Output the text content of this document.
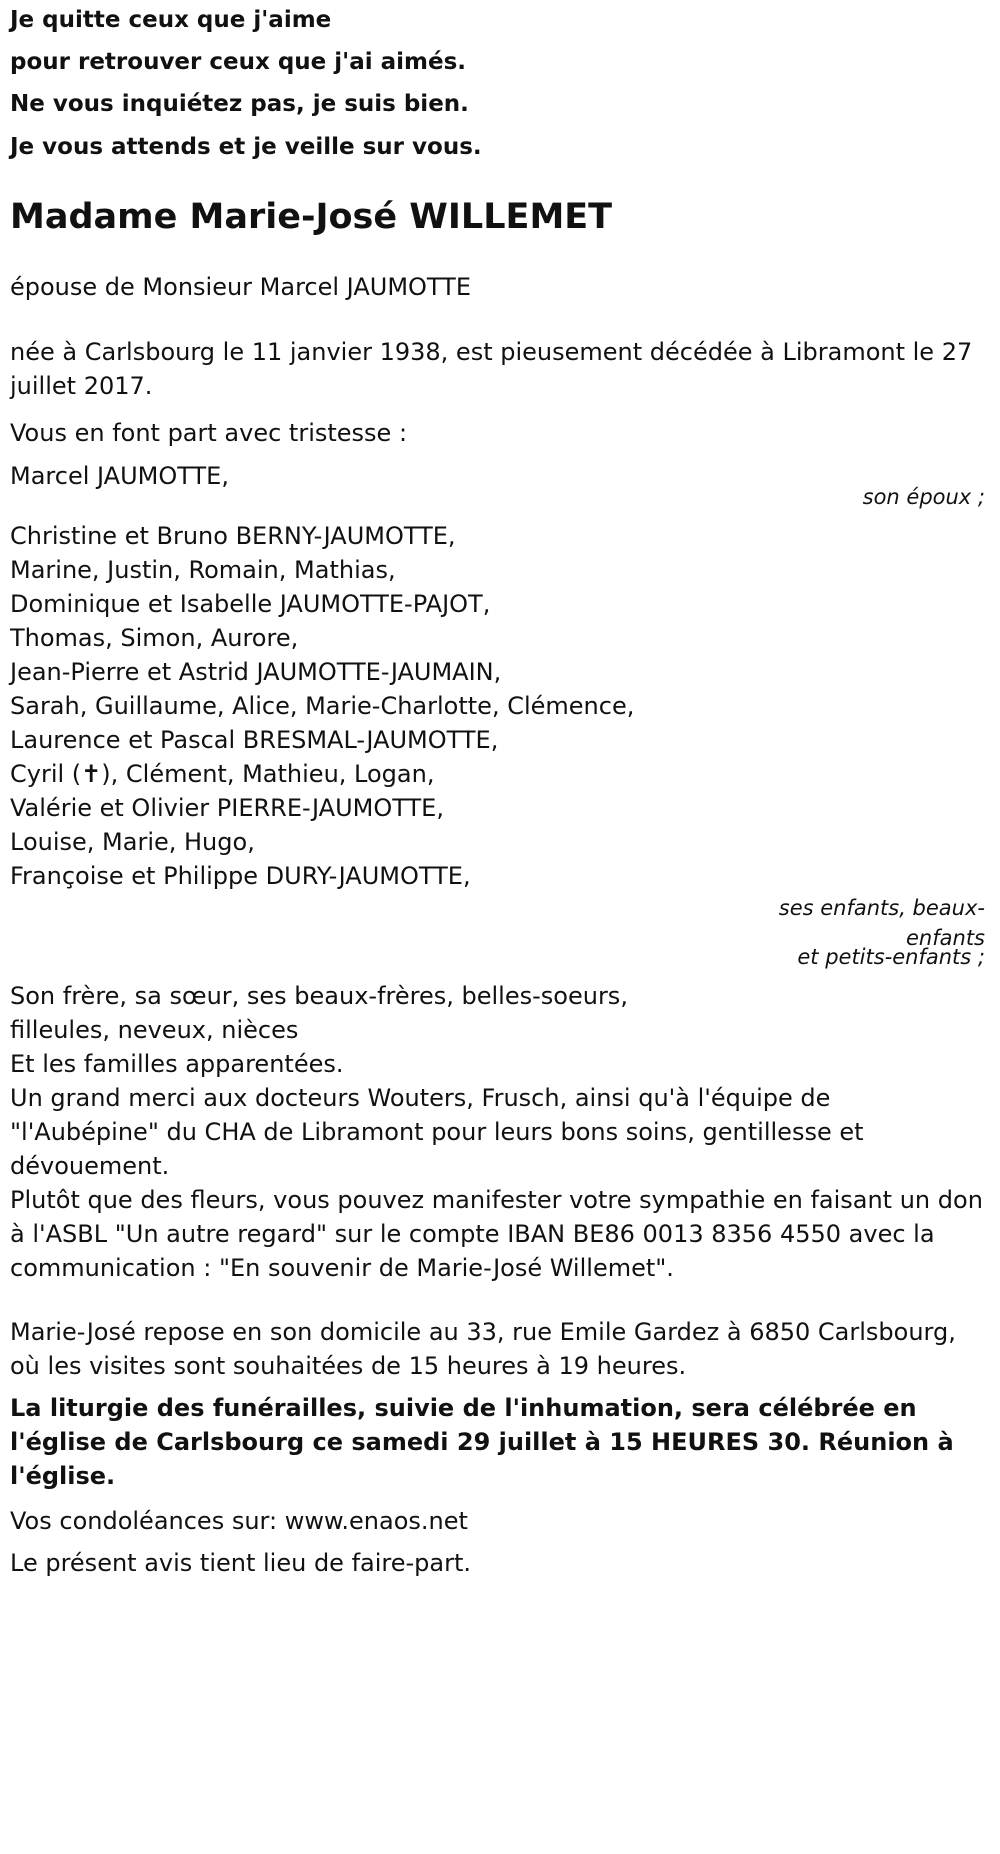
Je quitte ceux que j'aime
pour retrouver ceux que j'ai aimés.
Ne vous inquiétez pas, je suis bien.
Je vous attends et je veille sur vous.
Madame Marie-José WILLEMET
épouse de Monsieur Marcel JAUMOTTE
née à Carlsbourg le 11 janvier 1938, est pieusement décédée à Libramont le 27 juillet 2017.
Vous en font part avec tristesse :
Marcel JAUMOTTE,
son époux ;
Christine et Bruno BERNY-JAUMOTTE,
Marine, Justin, Romain, Mathias,
Dominique et Isabelle JAUMOTTE-PAJOT,
Thomas, Simon, Aurore,
Jean-Pierre et Astrid JAUMOTTE-JAUMAIN,
Sarah, Guillaume, Alice, Marie-Charlotte, Clémence,
Laurence et Pascal BRESMAL-JAUMOTTE,
Cyril (✝), Clément, Mathieu, Logan,
Valérie et Olivier PIERRE-JAUMOTTE,
Louise, Marie, Hugo,
Françoise et Philippe DURY-JAUMOTTE,
ses enfants, beaux-enfants
et petits-enfants ;
Son frère, sa sœur, ses beaux-frères, belles-soeurs,
filleules, neveux, nièces
Et les familles apparentées.
Un grand merci aux docteurs Wouters, Frusch, ainsi qu'à l'équipe de "l'Aubépine" du CHA de Libramont pour leurs bons soins, gentillesse et dévouement.
Plutôt que des fleurs, vous pouvez manifester votre sympathie en faisant un don à l'ASBL "Un autre regard" sur le compte IBAN BE86 0013 8356 4550 avec la communication : "En souvenir de Marie-José Willemet".
Marie-José repose en son domicile au 33, rue Emile Gardez à 6850 Carlsbourg, où les visites sont souhaitées de 15 heures à 19 heures.
La liturgie des funérailles, suivie de l'inhumation, sera célébrée en l'église de Carlsbourg ce samedi 29 juillet à 15 HEURES 30. Réunion à l'église.
Vos condoléances sur: www.enaos.net
Le présent avis tient lieu de faire-part.
